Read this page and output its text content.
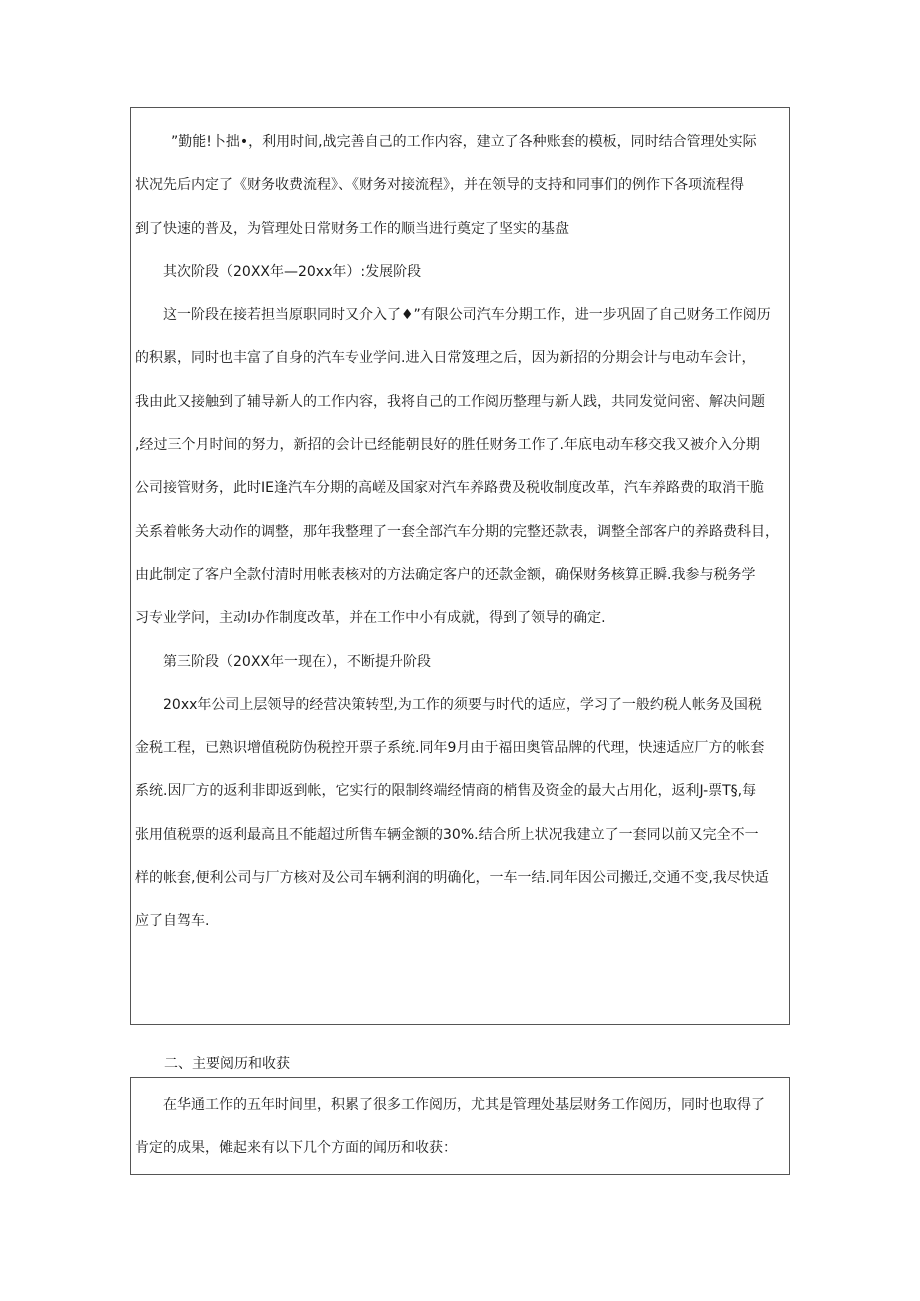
”勤能!卜拙•，利用时间,战完善自己的工作内容，建立了各种账套的模板，同时结合管理处实际
状况先后内定了《财务收费流程》、《财务对接流程》，并在领导的支持和同事们的例作下各项流程得
到了快速的普及，为管理处日常财务工作的顺当进行奠定了坚实的基盘
其次阶段（20XX年—20xx年）:发展阶段
这一阶段在接若担当原职同时又介入了♦”有限公司汽车分期工作，进一步巩固了自己财务工作阅历
的积累，同时也丰富了自身的汽车专业学问.进入日常笈理之后，因为新招的分期会计与电动车会计，
我由此又接触到了辅导新人的工作内容，我将自己的工作阅历整理与新人践，共同发觉问密、解决问题
,经过三个月时间的努力，新招的会计已经能朝艮好的胜任财务工作了.年底电动车移交我又被介入分期
公司接管财务，此时IE逢汽车分期的高嵯及国家对汽车养路费及税收制度改革，汽车养路费的取消干脆
关系着帐务大动作的调整，那年我整理了一套全部汽车分期的完整还款表，调整全部客户的养路费科目，
由此制定了客户全款付清时用帐表核对的方法确定客户的还款金额，确保财务核算正瞬.我参与税务学
习专业学问，主动I办作制度改革，并在工作中小有成就，得到了领导的确定.
第三阶段（20XX年一现在），不断提升阶段
20xx年公司上层领导的经营决策转型,为工作的须要与时代的适应，学习了一般约税人帐务及国税
金税工程，已熟识增值税防伪税控开票子系统.同年9月由于福田奥管品牌的代理，快速适应厂方的帐套
系统.因厂方的返利非即返到帐，它实行的限制终端经情商的梢售及资金的最大占用化，返利J-票T§,每
张用值税票的返利最高且不能超过所售车辆金额的30%.结合所上状况我建立了一套同以前又完全不一
样的帐套,便利公司与厂方核对及公司车辆利润的明确化，一车一结.同年因公司搬迁,交通不变,我尽快适
应了自驾车.
二、主要阅历和收获
在华通工作的五年时间里，积累了很多工作阅历，尤其是管理处基层财务工作阅历，同时也取得了
肯定的成果，傩起来有以下几个方面的闻历和收获：
